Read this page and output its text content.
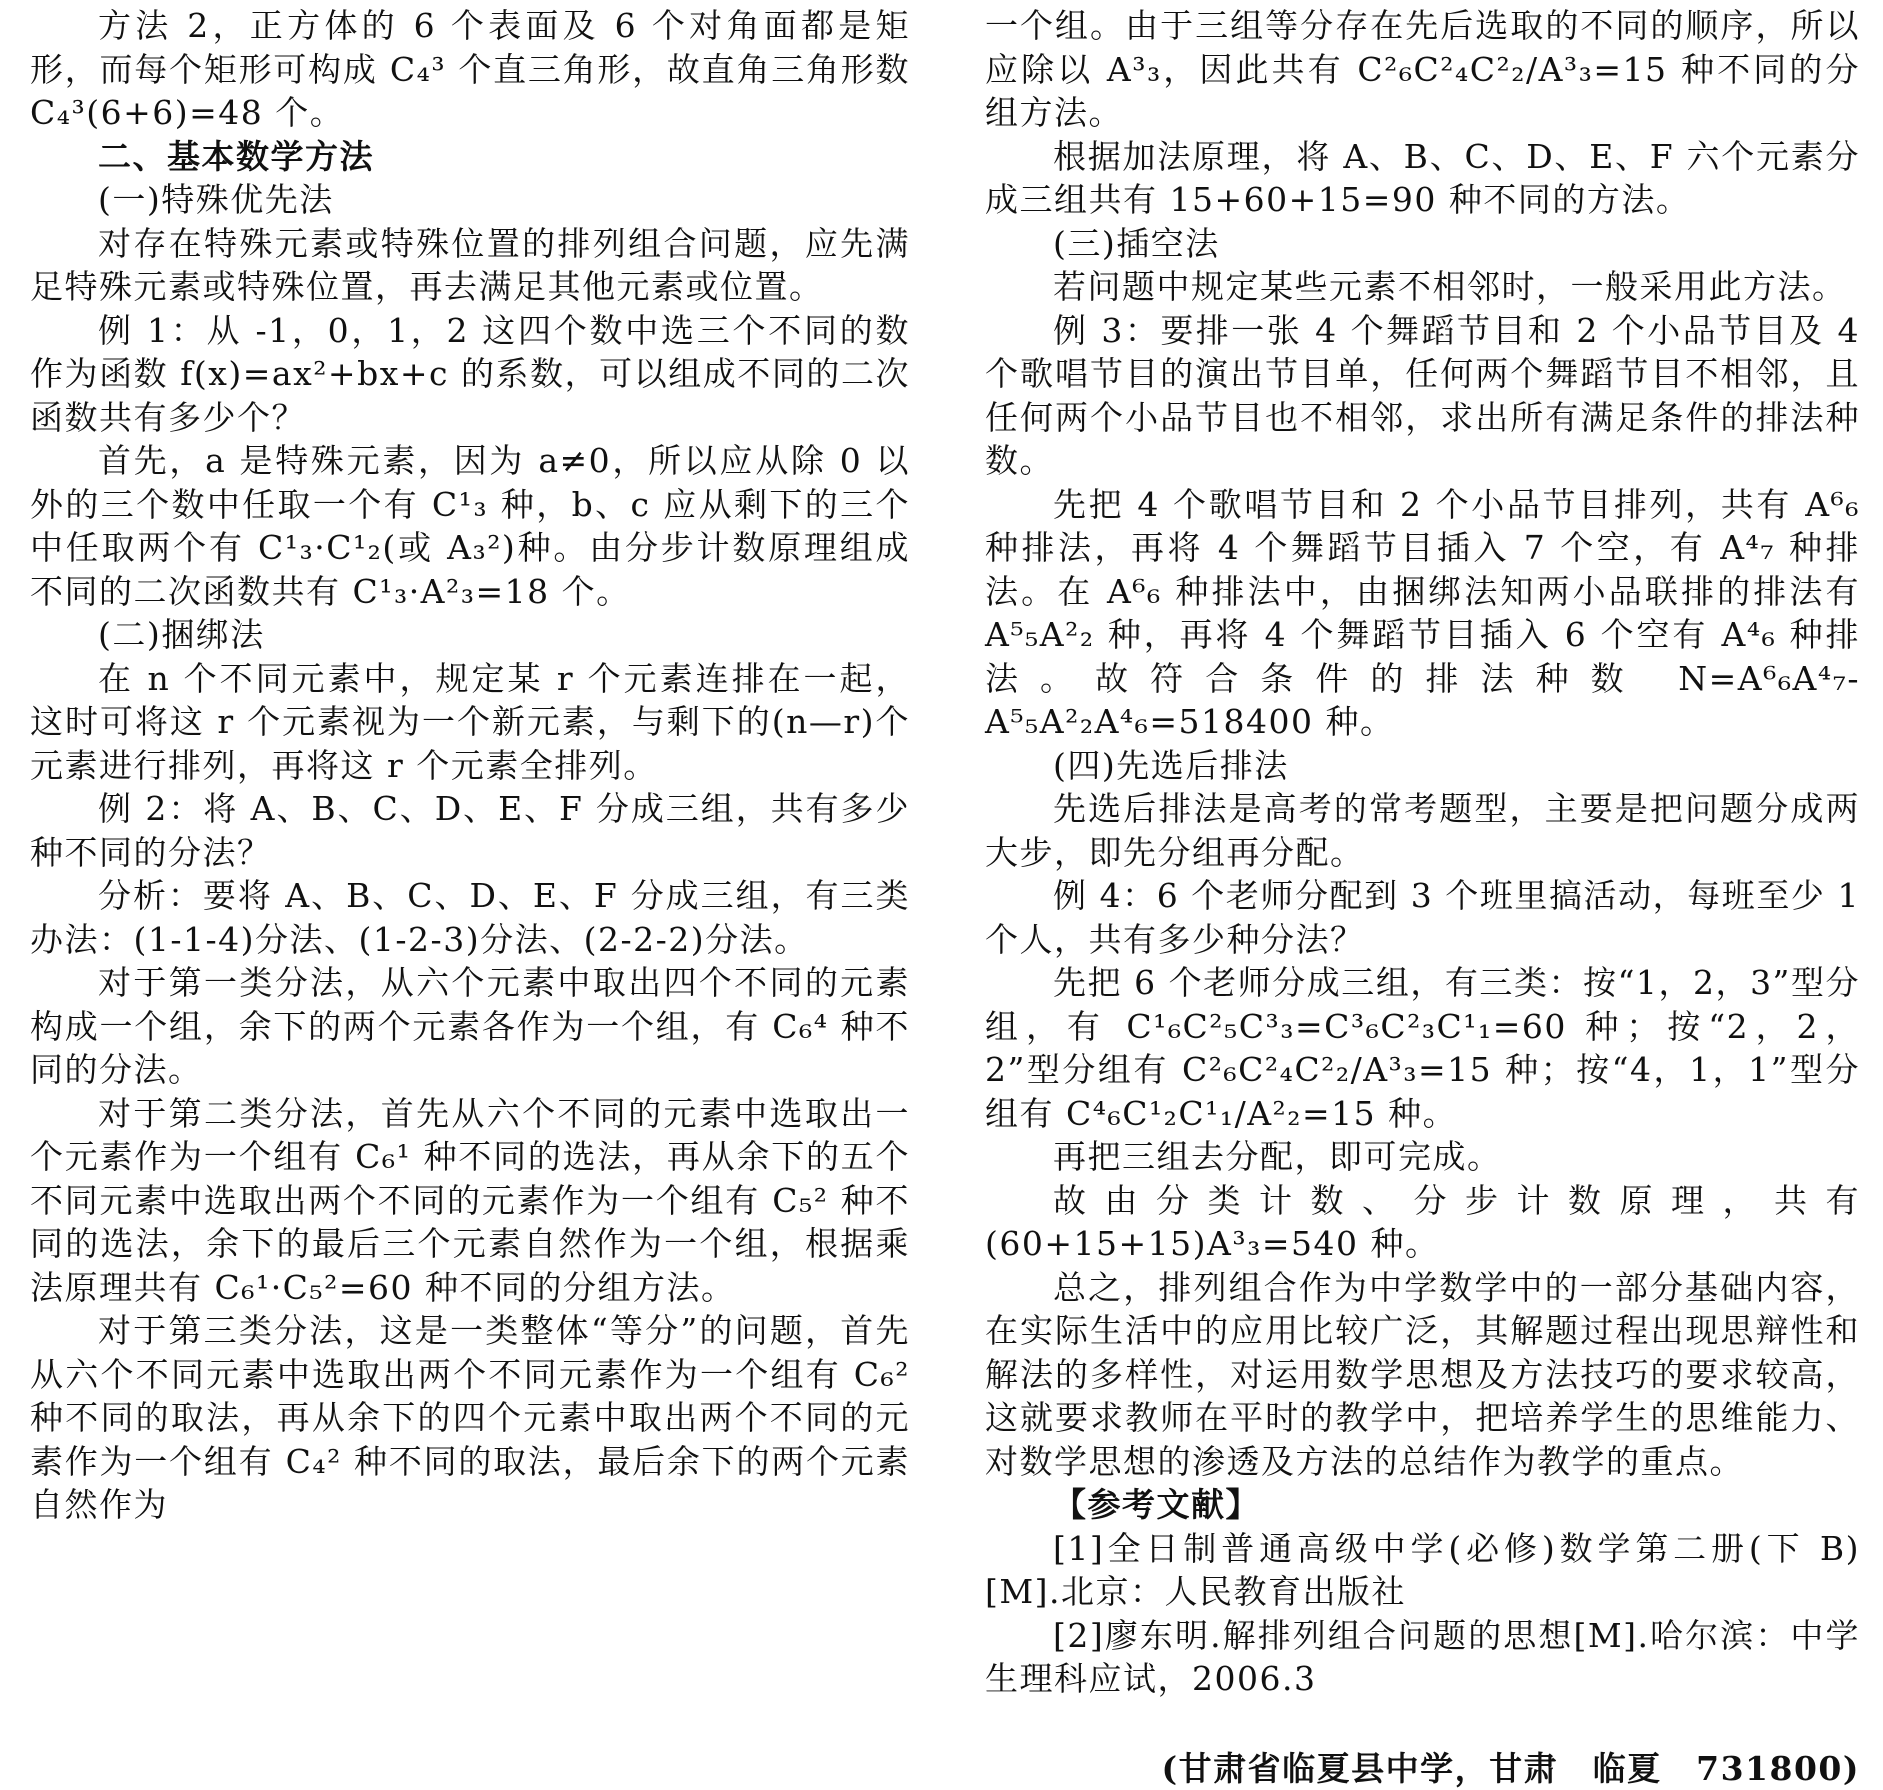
方法 2，正方体的 6 个表面及 6 个对角面都是矩形，而每个矩形可构成 C₄³ 个直三角形，故直角三角形数 C₄³(6+6)=48 个。

二、基本数学方法

(一)特殊优先法

对存在特殊元素或特殊位置的排列组合问题，应先满足特殊元素或特殊位置，再去满足其他元素或位置。

例 1：从 -1，0，1，2 这四个数中选三个不同的数作为函数 f(x)=ax²+bx+c 的系数，可以组成不同的二次函数共有多少个？

首先，a 是特殊元素，因为 a≠0，所以应从除 0 以外的三个数中任取一个有 C¹₃ 种，b、c 应从剩下的三个中任取两个有 C¹₃·C¹₂(或 A₃²)种。由分步计数原理组成不同的二次函数共有 C¹₃·A²₃=18 个。

(二)捆绑法

在 n 个不同元素中，规定某 r 个元素连排在一起，这时可将这 r 个元素视为一个新元素，与剩下的(n—r)个元素进行排列，再将这 r 个元素全排列。

例 2：将 A、B、C、D、E、F 分成三组，共有多少种不同的分法？

分析：要将 A、B、C、D、E、F 分成三组，有三类办法：(1-1-4)分法、(1-2-3)分法、(2-2-2)分法。

对于第一类分法，从六个元素中取出四个不同的元素构成一个组，余下的两个元素各作为一个组，有 C₆⁴ 种不同的分法。

对于第二类分法，首先从六个不同的元素中选取出一个元素作为一个组有 C₆¹ 种不同的选法，再从余下的五个不同元素中选取出两个不同的元素作为一个组有 C₅² 种不同的选法，余下的最后三个元素自然作为一个组，根据乘法原理共有 C₆¹·C₅²=60 种不同的分组方法。

对于第三类分法，这是一类整体“等分”的问题，首先从六个不同元素中选取出两个不同元素作为一个组有 C₆² 种不同的取法，再从余下的四个元素中取出两个不同的元素作为一个组有 C₄² 种不同的取法，最后余下的两个元素自然作为

一个组。由于三组等分存在先后选取的不同的顺序，所以应除以 A³₃，因此共有 C²₆C²₄C²₂/A³₃=15 种不同的分组方法。

根据加法原理，将 A、B、C、D、E、F 六个元素分成三组共有 15+60+15=90 种不同的方法。

(三)插空法

若问题中规定某些元素不相邻时，一般采用此方法。

例 3：要排一张 4 个舞蹈节目和 2 个小品节目及 4 个歌唱节目的演出节目单，任何两个舞蹈节目不相邻，且任何两个小品节目也不相邻，求出所有满足条件的排法种数。

先把 4 个歌唱节目和 2 个小品节目排列，共有 A⁶₆ 种排法，再将 4 个舞蹈节目插入 7 个空，有 A⁴₇ 种排法。在 A⁶₆ 种排法中，由捆绑法知两小品联排的排法有 A⁵₅A²₂ 种，再将 4 个舞蹈节目插入 6 个空有 A⁴₆ 种排法。故符合条件的排法种数 N=A⁶₆A⁴₇-A⁵₅A²₂A⁴₆=518400 种。

(四)先选后排法

先选后排法是高考的常考题型，主要是把问题分成两大步，即先分组再分配。

例 4：6 个老师分配到 3 个班里搞活动，每班至少 1 个人，共有多少种分法？

先把 6 个老师分成三组，有三类：按“1，2，3”型分组，有 C¹₆C²₅C³₃=C³₆C²₃C¹₁=60 种；按“2，2，2”型分组有 C²₆C²₄C²₂/A³₃=15 种；按“4，1，1”型分组有 C⁴₆C¹₂C¹₁/A²₂=15 种。

再把三组去分配，即可完成。

故由分类计数、分步计数原理，共有(60+15+15)A³₃=540 种。

总之，排列组合作为中学数学中的一部分基础内容，在实际生活中的应用比较广泛，其解题过程出现思辩性和解法的多样性，对运用数学思想及方法技巧的要求较高，这就要求教师在平时的教学中，把培养学生的思维能力、对数学思想的渗透及方法的总结作为教学的重点。

【参考文献】

[1]全日制普通高级中学(必修)数学第二册(下 B)[M].北京：人民教育出版社

[2]廖东明.解排列组合问题的思想[M].哈尔滨：中学生理科应试，2006.3

(甘肃省临夏县中学，甘肃　临夏　731800)
